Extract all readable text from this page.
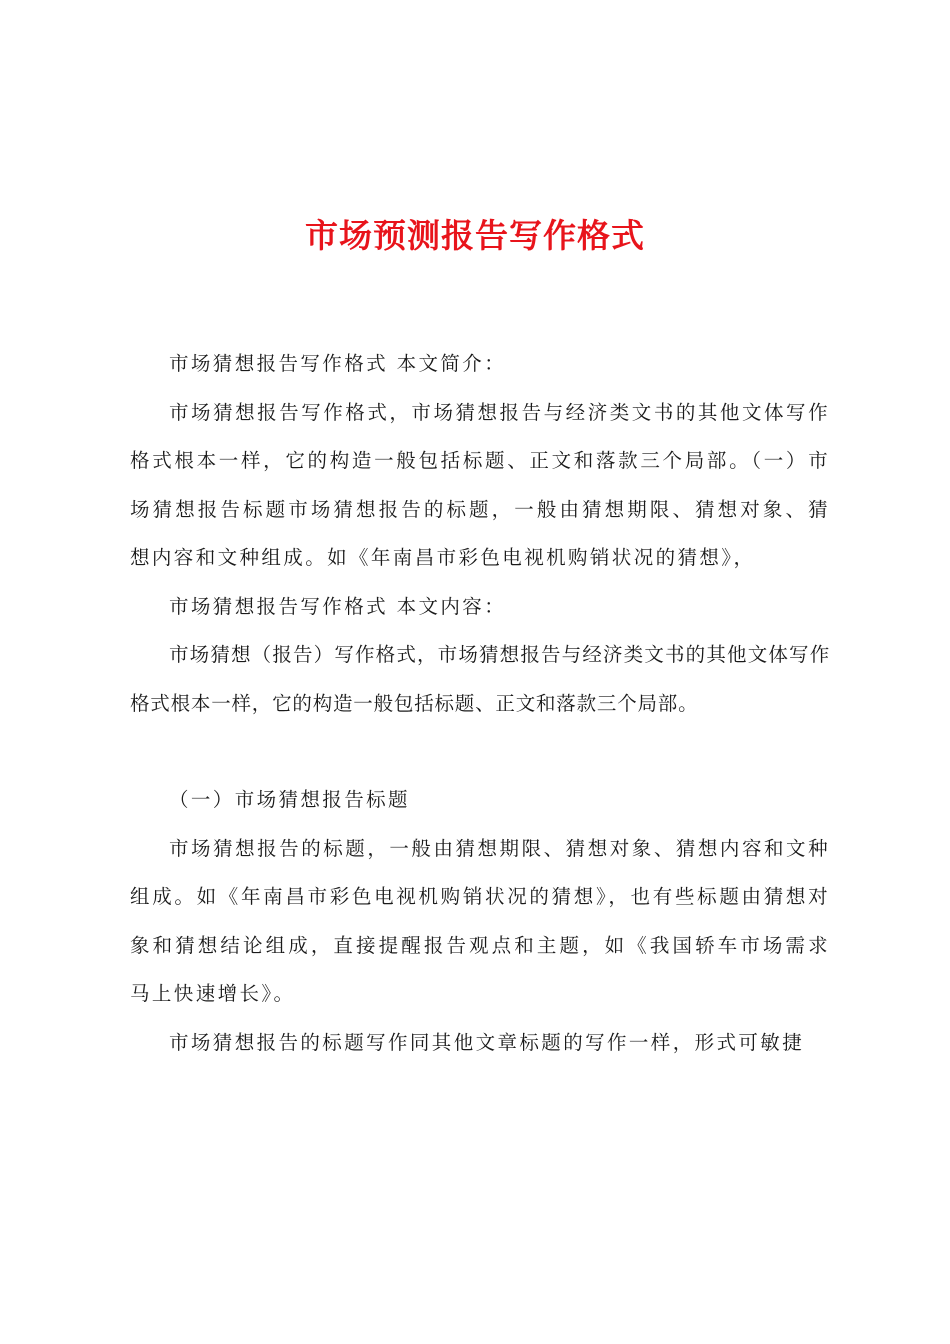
市场预测报告写作格式

市场猜想报告写作格式 本文简介：

市场猜想报告写作格式，市场猜想报告与经济类文书的其他文体写作格式根本一样，它的构造一般包括标题、正文和落款三个局部。（一）市场猜想报告标题市场猜想报告的标题，一般由猜想期限、猜想对象、猜想内容和文种组成。如《年南昌市彩色电视机购销状况的猜想》，

市场猜想报告写作格式 本文内容：

市场猜想（报告）写作格式，市场猜想报告与经济类文书的其他文体写作格式根本一样，它的构造一般包括标题、正文和落款三个局部。

（一）市场猜想报告标题

市场猜想报告的标题，一般由猜想期限、猜想对象、猜想内容和文种组成。如《年南昌市彩色电视机购销状况的猜想》，也有些标题由猜想对象和猜想结论组成，直接提醒报告观点和主题，如《我国轿车市场需求马上快速增长》。

市场猜想报告的标题写作同其他文章标题的写作一样，形式可敏捷
